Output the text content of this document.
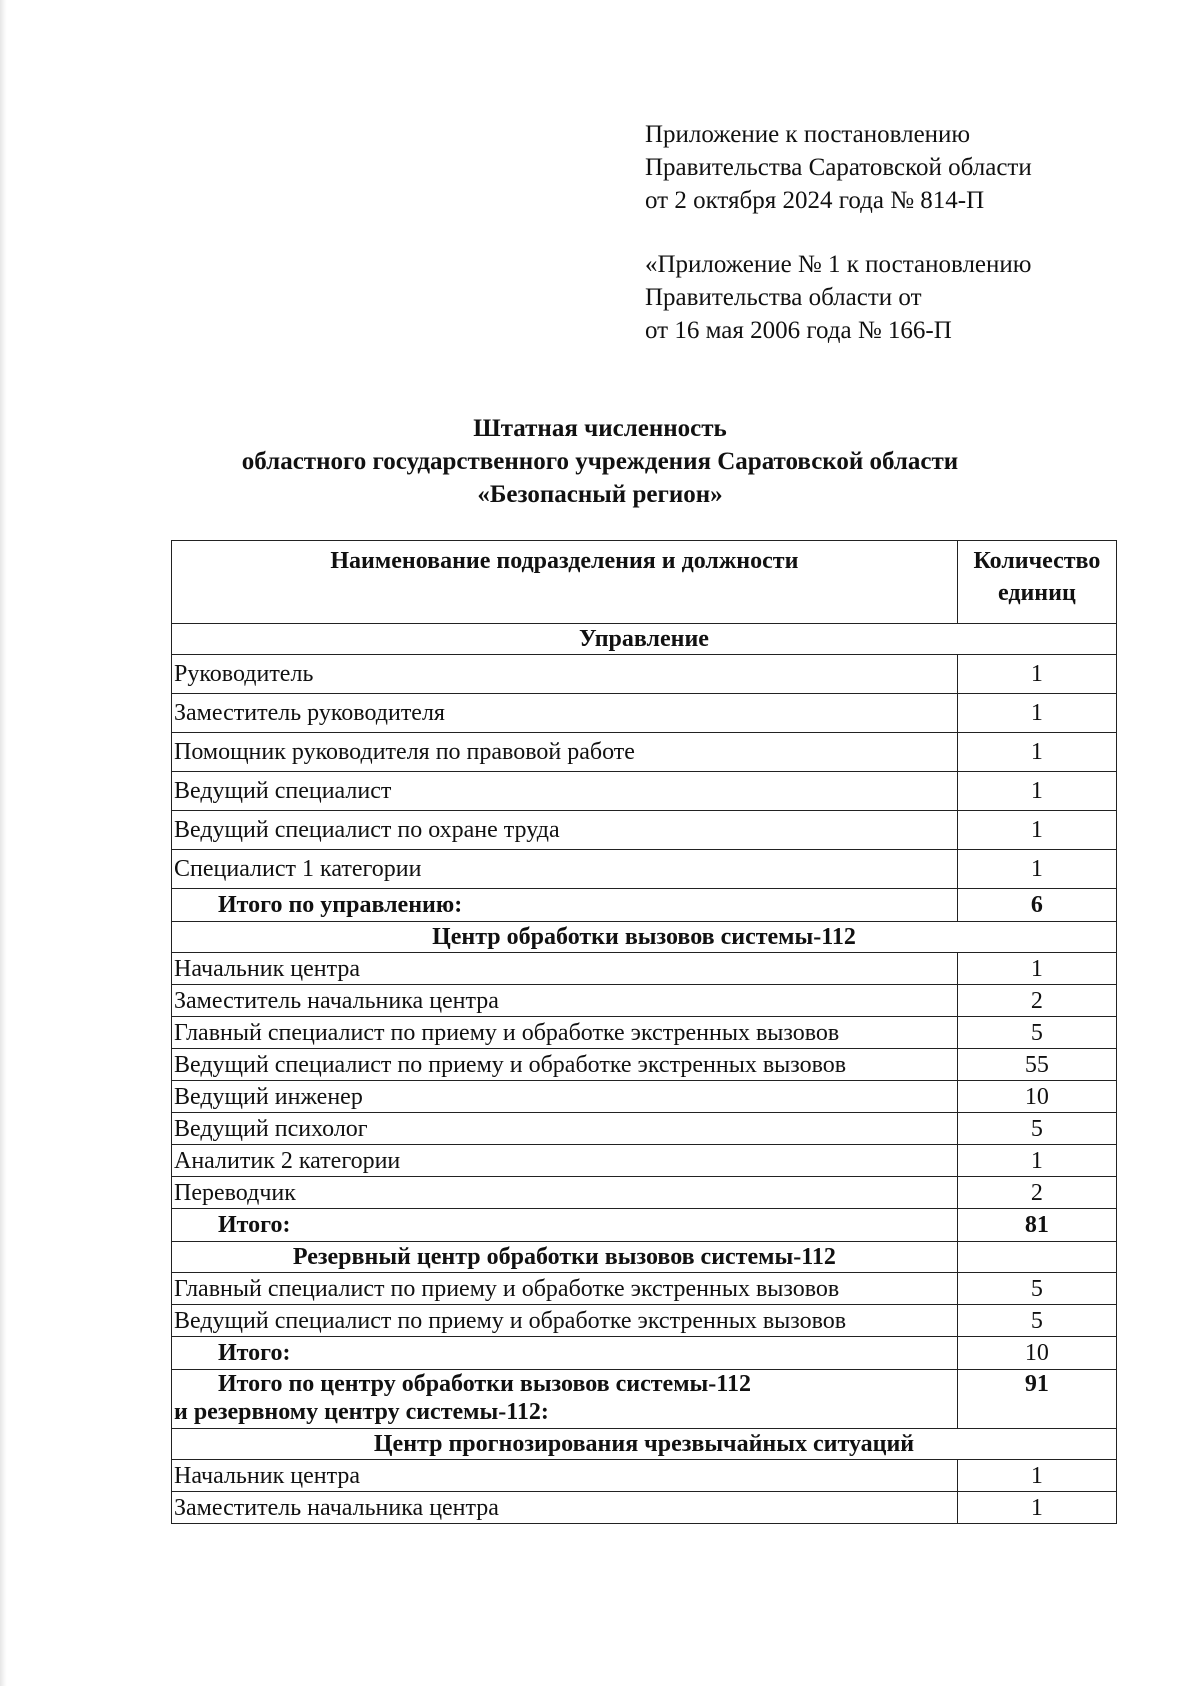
Приложение к постановлению
Правительства Саратовской области
от 2 октября 2024 года № 814-П
«Приложение № 1 к постановлению
Правительства области от
от 16 мая 2006 года № 166-П
Штатная численность
областного государственного учреждения Саратовской области
«Безопасный регион»
Наименование подразделения и должности	Количество
единиц

Управление	
Руководитель	1
Заместитель руководителя	1
Помощник руководителя по правовой работе	1
Ведущий специалист	1
Ведущий специалист по охране труда	1
Специалист 1 категории	1
Итого по управлению:	6
Центр обработки вызовов системы-112	
Начальник центра	1
Заместитель начальника центра	2
Главный специалист по приему и обработке экстренных вызовов	5
Ведущий специалист по приему и обработке экстренных вызовов	55
Ведущий инженер	10
Ведущий психолог	5
Аналитик 2 категории	1
Переводчик	2
Итого:	81
Резервный центр обработки вызовов системы-112	
Главный специалист по приему и обработке экстренных вызовов	5
Ведущий специалист по приему и обработке экстренных вызовов	5
Итого:	10

Итого по центру обработки вызовов системы-112
и резервному центру системы-112:	91
Центр прогнозирования чрезвычайных ситуаций	
Начальник центра	1
Заместитель начальника центра	1
